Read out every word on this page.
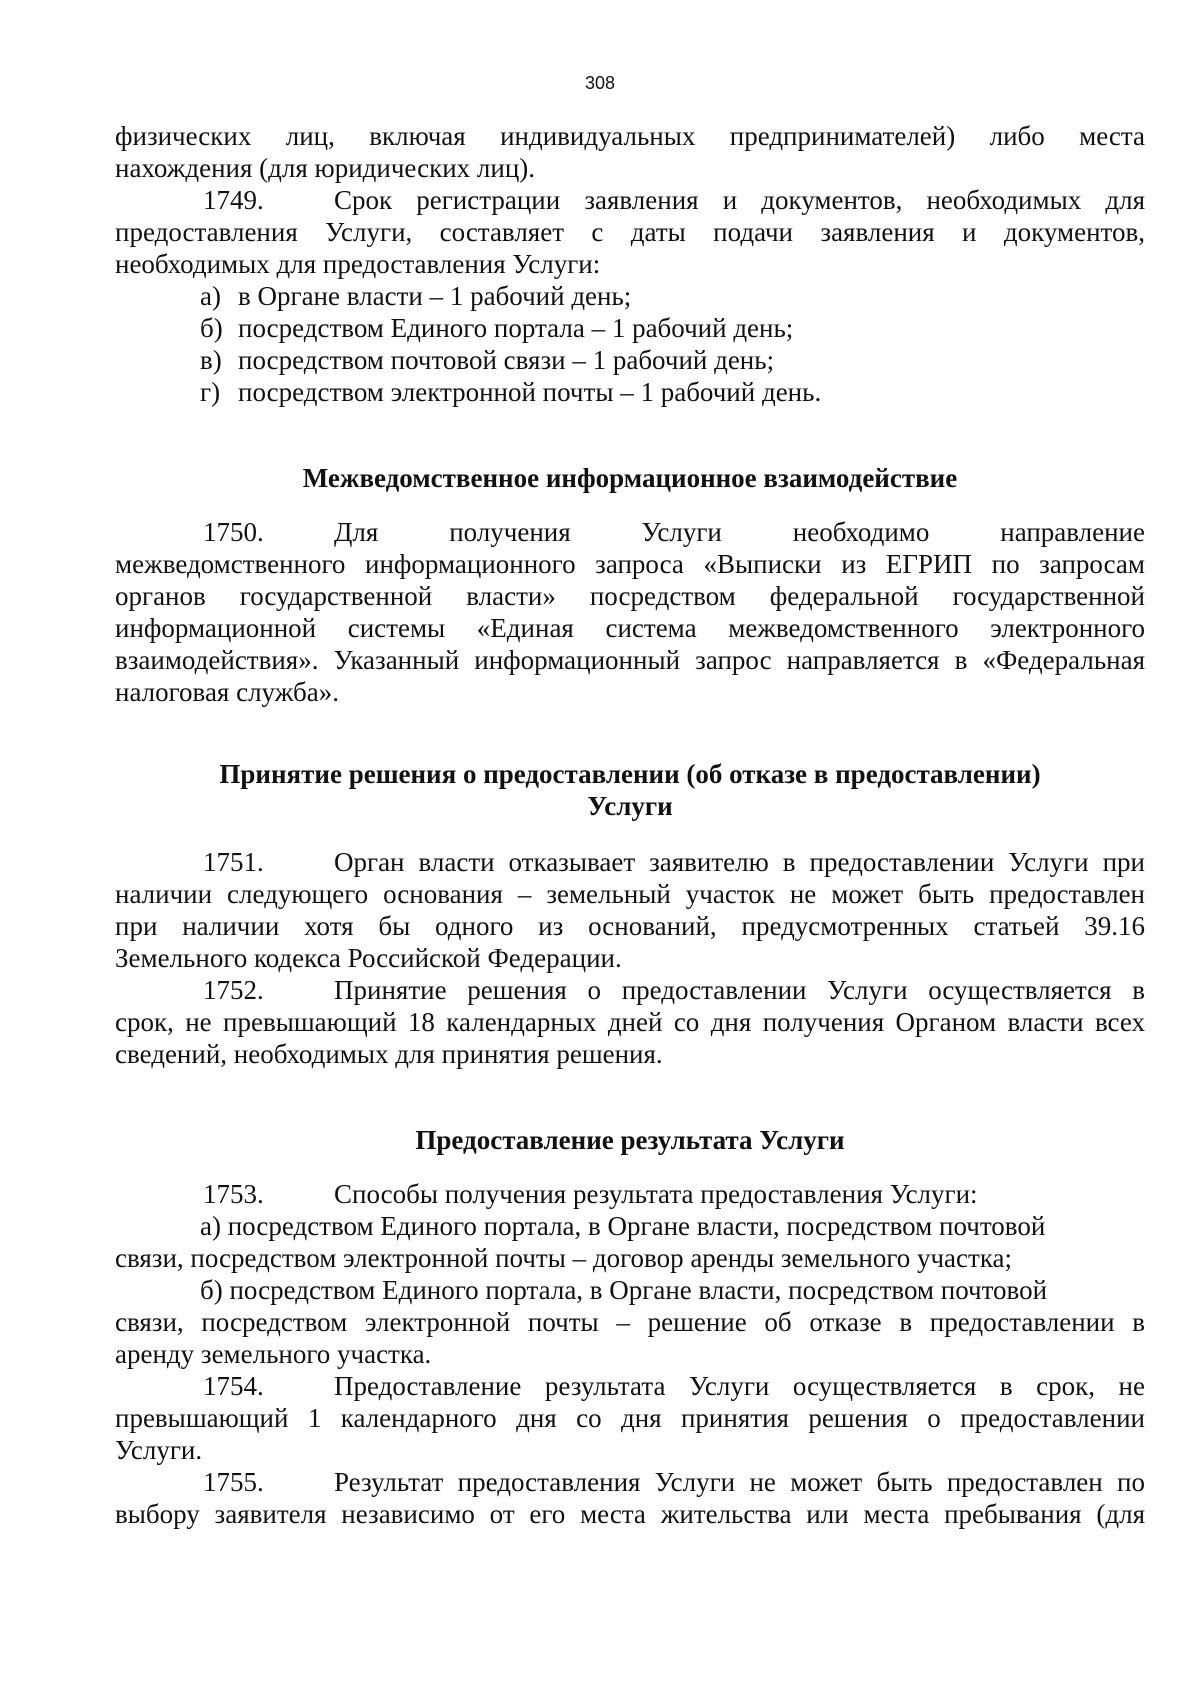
308

физических лиц, включая индивидуальных предпринимателей) либо места

нахождения (для юридических лиц).

1749.	Срок регистрации заявления и документов, необходимых для

предоставления Услуги, составляет с даты подачи заявления и документов,

необходимых для предоставления Услуги:

а) в Органе власти – 1 рабочий день;

б) посредством Единого портала – 1 рабочий день;

в) посредством почтовой связи – 1 рабочий день;

г) посредством электронной почты – 1 рабочий день.

Межведомственное информационное взаимодействие

1750.	Для получения Услуги необходимо направление

межведомственного информационного запроса «Выписки из ЕГРИП по запросам

органов государственной власти» посредством федеральной государственной

информационной системы «Единая система межведомственного электронного

взаимодействия». Указанный информационный запрос направляется в «Федеральная

налоговая служба».

Принятие решения о предоставлении (об отказе в предоставлении)

Услуги

1751.	Орган власти отказывает заявителю в предоставлении Услуги при

наличии следующего основания – земельный участок не может быть предоставлен

при наличии хотя бы одного из оснований, предусмотренных статьей 39.16

Земельного кодекса Российской Федерации.

1752.	Принятие решения о предоставлении Услуги осуществляется в

срок, не превышающий 18 календарных дней со дня получения Органом власти всех

сведений, необходимых для принятия решения.

Предоставление результата Услуги

1753.	Способы получения результата предоставления Услуги:

а) посредством Единого портала, в Органе власти, посредством почтовой

связи, посредством электронной почты – договор аренды земельного участка;

б) посредством Единого портала, в Органе власти, посредством почтовой

связи, посредством электронной почты – решение об отказе в предоставлении в

аренду земельного участка.

1754.	Предоставление результата Услуги осуществляется в срок, не

превышающий 1 календарного дня со дня принятия решения о предоставлении

Услуги.

1755.	Результат предоставления Услуги не может быть предоставлен по

выбору заявителя независимо от его места жительства или места пребывания (для
